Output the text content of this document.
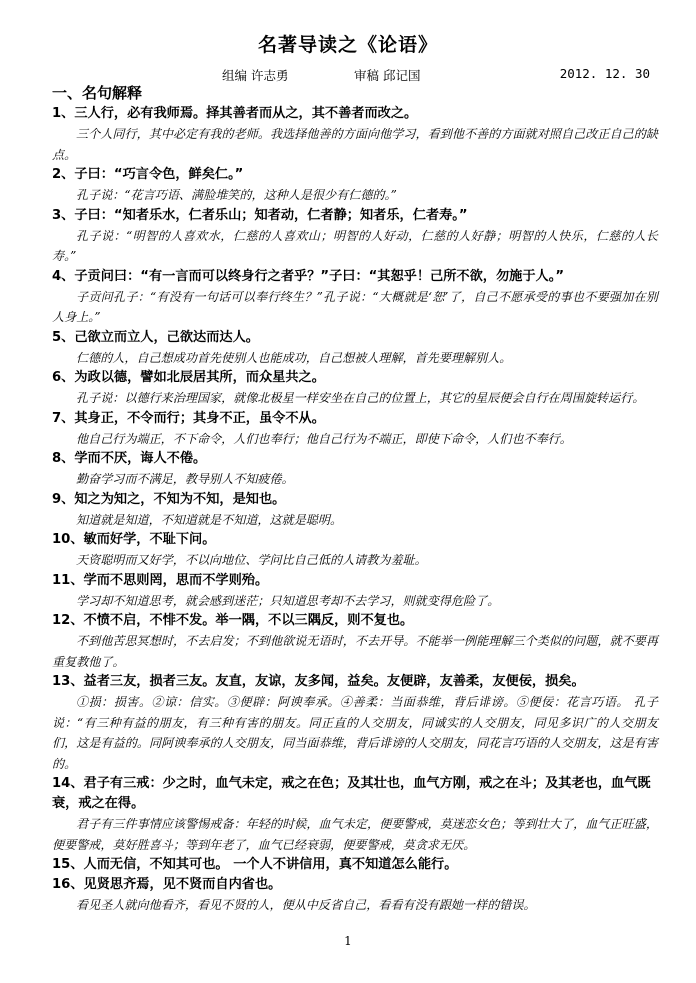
名著导读之《论语》
组编 许志勇	审稿 邱记国	2012. 12. 30
一、名句解释
1、三人行，必有我师焉。择其善者而从之，其不善者而改之。
三个人同行，其中必定有我的老师。我选择他善的方面向他学习，看到他不善的方面就对照自己改正自己的缺点。
2、子曰：“巧言令色，鲜矣仁。”
孔子说：“花言巧语、满脸堆笑的，这种人是很少有仁德的。”
3、子曰：“知者乐水，仁者乐山；知者动，仁者静；知者乐，仁者寿。”
孔子说：“明智的人喜欢水，仁慈的人喜欢山；明智的人好动，仁慈的人好静；明智的人快乐，仁慈的人长寿。”
4、子贡问曰：“有一言而可以终身行之者乎？”子曰：“其恕乎！己所不欲，勿施于人。”
子贡问孔子：“有没有一句话可以奉行终生？”孔子说：“大概就是‘恕’了，自己不愿承受的事也不要强加在别人身上。”
5、己欲立而立人，己欲达而达人。
仁德的人，自己想成功首先使别人也能成功，自己想被人理解，首先要理解别人。
6、为政以德，譬如北辰居其所，而众星共之。
孔子说：以德行来治理国家，就像北极星一样安坐在自己的位置上，其它的星辰便会自行在周围旋转运行。
7、其身正，不令而行；其身不正，虽令不从。
他自己行为端正，不下命令，人们也奉行；他自己行为不端正，即使下命令，人们也不奉行。
8、学而不厌，诲人不倦。
勤奋学习而不满足，教导别人不知疲倦。
9、知之为知之，不知为不知，是知也。
知道就是知道，不知道就是不知道，这就是聪明。
10、敏而好学，不耻下问。
天资聪明而又好学，不以向地位、学问比自己低的人请教为羞耻。
11、学而不思则罔，思而不学则殆。
学习却不知道思考，就会感到迷茫；只知道思考却不去学习，则就变得危险了。
12、不愤不启，不悱不发。举一隅，不以三隅反，则不复也。
不到他苦思冥想时，不去启发；不到他欲说无语时，不去开导。不能举一例能理解三个类似的问题，就不要再重复教他了。
13、益者三友，损者三友。友直，友谅，友多闻，益矣。友便辟，友善柔，友便佞，损矣。
①损：损害。②谅：信实。③便辟：阿谀奉承。④善柔：当面恭维，背后诽谤。⑤便佞：花言巧语。 孔子说：“有三种有益的朋友，有三种有害的朋友。同正直的人交朋友，同诚实的人交朋友，同见多识广的人交朋友们，这是有益的。同阿谀奉承的人交朋友，同当面恭维，背后诽谤的人交朋友，同花言巧语的人交朋友，这是有害的。
14、君子有三戒：少之时，血气未定，戒之在色；及其壮也，血气方刚，戒之在斗；及其老也，血气既衰，戒之在得。
君子有三件事情应该警惕戒备：年轻的时候，血气未定，便要警戒，莫迷恋女色；等到壮大了，血气正旺盛，便要警戒，莫好胜喜斗；等到年老了，血气已经衰弱，便要警戒，莫贪求无厌。
15、人而无信，不知其可也。 一个人不讲信用，真不知道怎么能行。
16、见贤思齐焉，见不贤而自内省也。
看见圣人就向他看齐，看见不贤的人，便从中反省自己，看看有没有跟她一样的错误。
1
